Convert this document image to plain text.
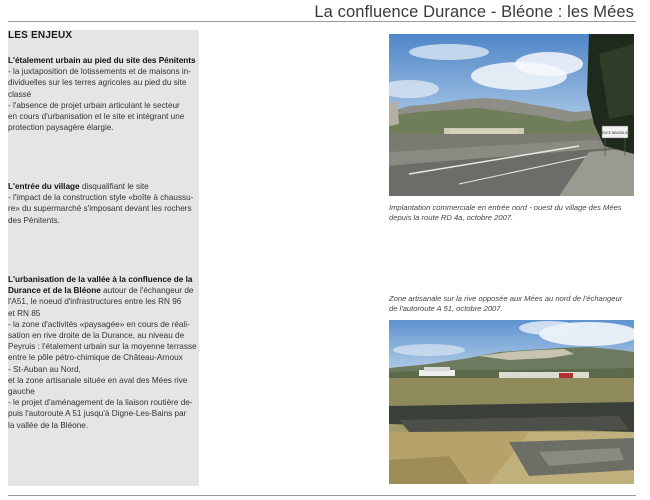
La confluence Durance - Bléone : les Mées
LES ENJEUX
L'étalement urbain au pied du site des Pénitents
- la juxtaposition de lotissements et de maisons in-
dividuelles sur les terres agricoles au pied du site
classé
- l'absence de projet urbain articulant le secteur
en cours d'urbanisation et le site et intégrant une
protection paysagère élargie.
L'entrée du village disqualifiant le site
- l'impact de la construction style «boîte à chaussu-
re» du supermarché s'imposant devant les rochers
des Pénitents.
L'urbanisation de la vallée à la confluence de la
Durance et de la Bléone autour de l'échangeur de
l'A51, le noeud d'infrastructures entre les RN 96
et RN 85
- la zone d'activités «paysagée» en cours de réali-
sation en rive droite de la Durance, au niveau de
Peyruis : l'étalement urbain sur la moyenne terrasse
entre le pôle pétro-chimique de Château-Arnoux
- St-Auban au Nord,
et la zone artisanale située en aval des Mées rive
gauche
- le projet d'aménagement de la liaison routière de-
puis l'autoroute A 51 jusqu'à Digne-Les-Bains par
la vallée de la Bléone.
AGENCE IMMOBILIERE
Implantation commerciale en entrée nord - ouest du village des Mées
depuis la route RD 4a, octobre 2007.
Zone artisanale sur la rive opposée aux Mées au nord de l'échangeur
de l'autoroute A 51, octobre 2007.
